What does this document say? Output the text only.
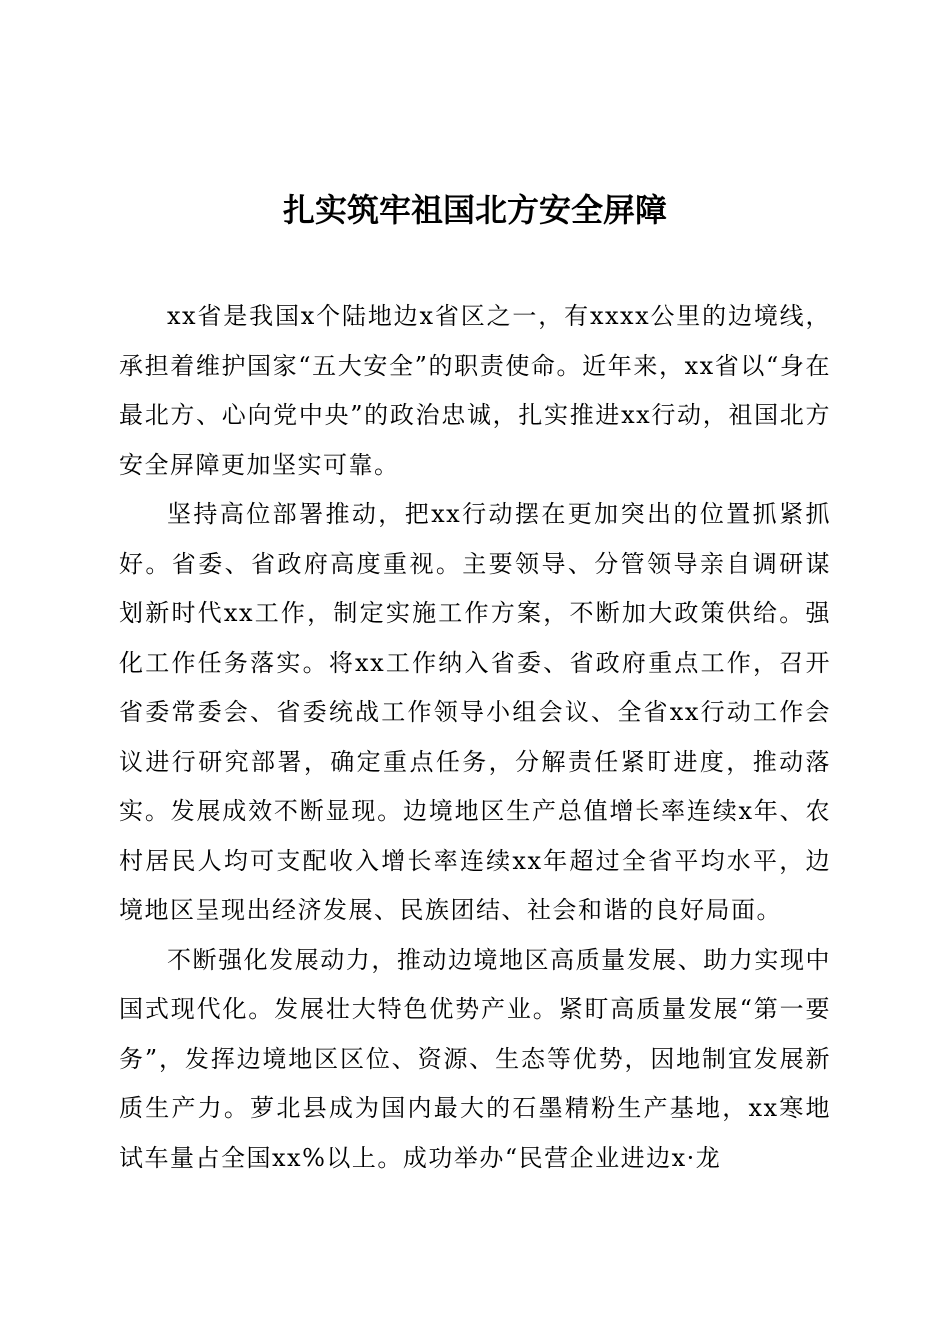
扎实筑牢祖国北方安全屏障

xx省是我国x个陆地边x省区之一，有xxxx公里的边境线，承担着维护国家“五大安全”的职责使命。近年来，xx省以“身在最北方、心向党中央”的政治忠诚，扎实推进xx行动，祖国北方安全屏障更加坚实可靠。

坚持高位部署推动，把xx行动摆在更加突出的位置抓紧抓好。省委、省政府高度重视。主要领导、分管领导亲自调研谋划新时代xx工作，制定实施工作方案，不断加大政策供给。强化工作任务落实。将xx工作纳入省委、省政府重点工作，召开省委常委会、省委统战工作领导小组会议、全省xx行动工作会议进行研究部署，确定重点任务，分解责任紧盯进度，推动落实。发展成效不断显现。边境地区生产总值增长率连续x年、农村居民人均可支配收入增长率连续xx年超过全省平均水平，边境地区呈现出经济发展、民族团结、社会和谐的良好局面。

不断强化发展动力，推动边境地区高质量发展、助力实现中国式现代化。发展壮大特色优势产业。紧盯高质量发展“第一要务”，发挥边境地区区位、资源、生态等优势，因地制宜发展新质生产力。萝北县成为国内最大的石墨精粉生产基地，xx寒地试车量占全国xx%以上。成功举办“民营企业进边x·龙
